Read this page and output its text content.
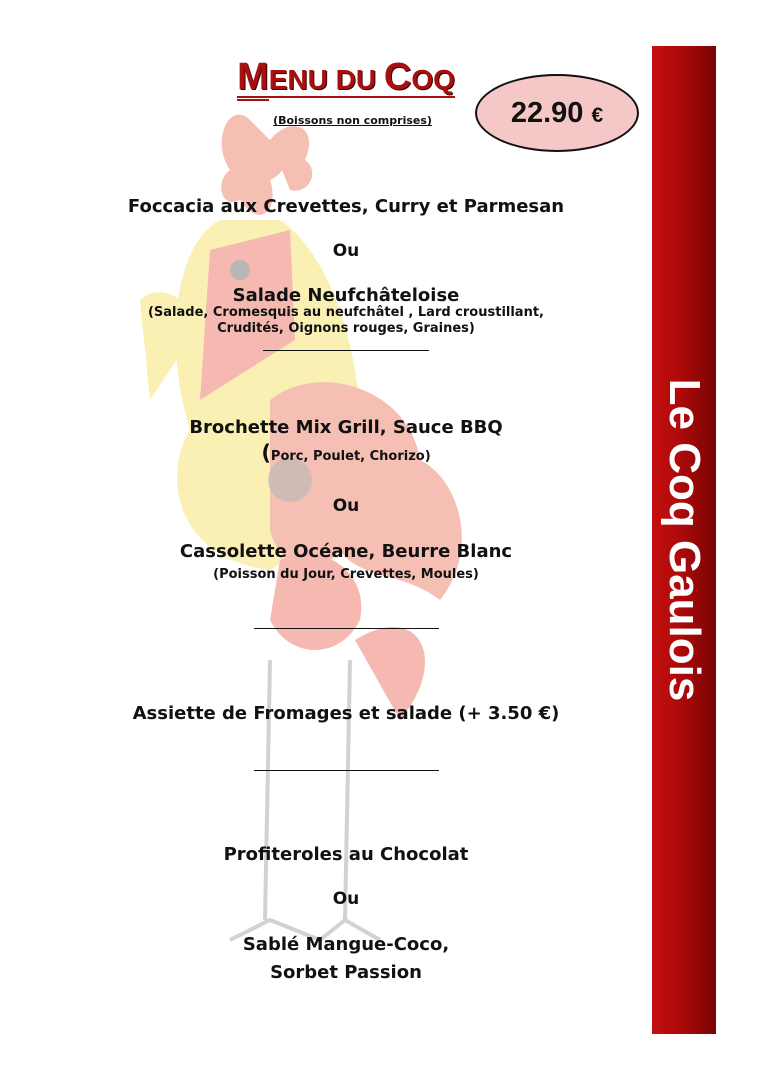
MENU DU COQ
(Boissons non comprises)	22.90 €
Foccacia aux Crevettes, Curry et Parmesan
Ou
Salade Neufchâteloise
(Salade, Cromesquis au neufchâtel , Lard croustillant,
Crudités, Oignons rouges, Graines)
Brochette Mix Grill, Sauce BBQ
(Porc, Poulet, Chorizo)
Ou
Cassolette Océane, Beurre Blanc
(Poisson du Jour, Crevettes, Moules)
Assiette de Fromages et salade (+ 3.50 €)
Profiteroles au Chocolat
Ou
Sablé Mangue-Coco,
Sorbet Passion
Le Coq Gaulois
